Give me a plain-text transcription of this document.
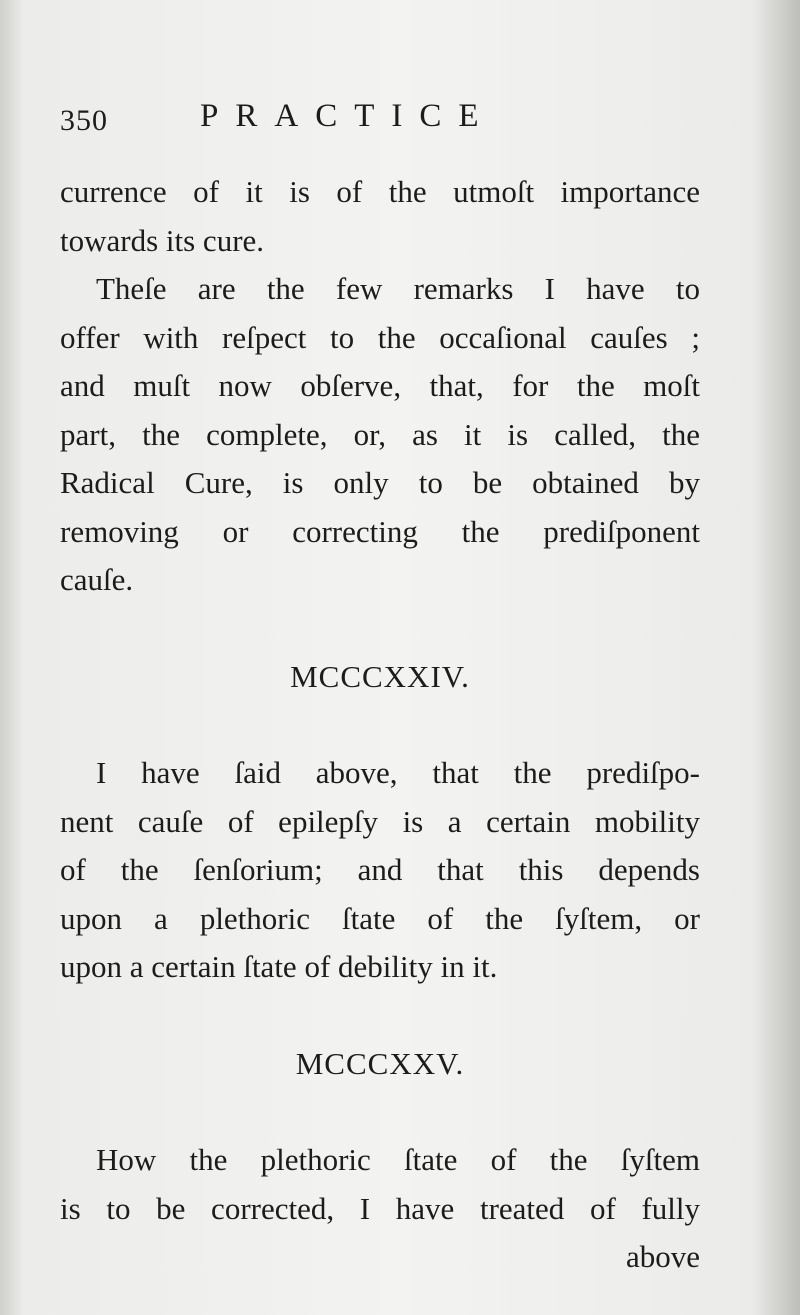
350	PRACTICE
currence of it is of the utmoſt importance
towards its cure.
Theſe are the few remarks I have to
offer with reſpect to the occaſional cauſes ;
and muſt now obſerve, that, for the moſt
part, the complete, or, as it is called, the
Radical Cure, is only to be obtained by
removing or correcting the prediſponent
cauſe.
MCCCXXIV.
I have ſaid above, that the prediſpo-
nent cauſe of epilepſy is a certain mobility
of the ſenſorium; and that this depends
upon a plethoric ſtate of the ſyſtem, or
upon a certain ſtate of debility in it.
MCCCXXV.
How the plethoric ſtate of the ſyſtem
is to be corrected, I have treated of fully
above
